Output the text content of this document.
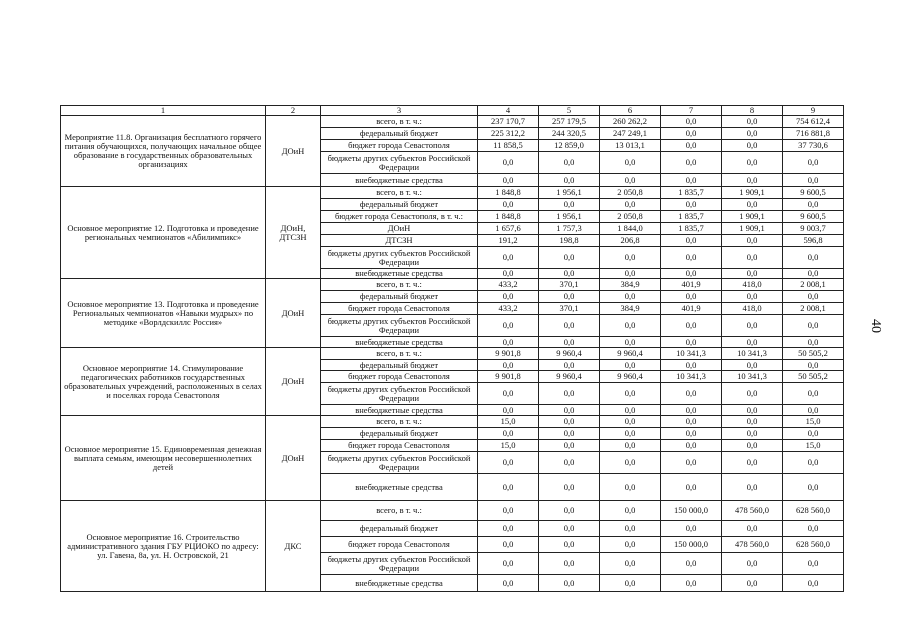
1	2	3	4	5	6	7	8	9
Мероприятие 11.8. Организация бесплатного горячего питания обучающихся, получающих начальное общее образование в государственных образовательных организациях	ДОиН	всего, в т. ч.:	237 170,7	257 179,5	260 262,2	0,0	0,0	754 612,4
		федеральный бюджет	225 312,2	244 320,5	247 249,1	0,0	0,0	716 881,8
		бюджет города Севастополя	11 858,5	12 859,0	13 013,1	0,0	0,0	37 730,6
		бюджеты других субъектов Российской Федерации	0,0	0,0	0,0	0,0	0,0	0,0
		внебюджетные средства	0,0	0,0	0,0	0,0	0,0	0,0
Основное мероприятие 12. Подготовка и проведение региональных чемпионатов «Абилимпикс»	ДОиН, ДТСЗН	всего, в т. ч.:	1 848,8	1 956,1	2 050,8	1 835,7	1 909,1	9 600,5
		федеральный бюджет	0,0	0,0	0,0	0,0	0,0	0,0
		бюджет города Севастополя, в т. ч.:	1 848,8	1 956,1	2 050,8	1 835,7	1 909,1	9 600,5
		ДОиН	1 657,6	1 757,3	1 844,0	1 835,7	1 909,1	9 003,7
		ДТСЗН	191,2	198,8	206,8	0,0	0,0	596,8
		бюджеты других субъектов Российской Федерации	0,0	0,0	0,0	0,0	0,0	0,0
		внебюджетные средства	0,0	0,0	0,0	0,0	0,0	0,0
Основное мероприятие 13. Подготовка и проведение Региональных чемпионатов «Навыки мудрых» по методике «Ворлдскиллс Россия»	ДОиН	всего, в т. ч.:	433,2	370,1	384,9	401,9	418,0	2 008,1
		федеральный бюджет	0,0	0,0	0,0	0,0	0,0	0,0
		бюджет города Севастополя	433,2	370,1	384,9	401,9	418,0	2 008,1
		бюджеты других субъектов Российской Федерации	0,0	0,0	0,0	0,0	0,0	0,0
		внебюджетные средства	0,0	0,0	0,0	0,0	0,0	0,0
Основное мероприятие 14. Стимулирование педагогических работников государственных образовательных учреждений, расположенных в селах и поселках города Севастополя	ДОиН	всего, в т. ч.:	9 901,8	9 960,4	9 960,4	10 341,3	10 341,3	50 505,2
		федеральный бюджет	0,0	0,0	0,0	0,0	0,0	0,0
		бюджет города Севастополя	9 901,8	9 960,4	9 960,4	10 341,3	10 341,3	50 505,2
		бюджеты других субъектов Российской Федерации	0,0	0,0	0,0	0,0	0,0	0,0
		внебюджетные средства	0,0	0,0	0,0	0,0	0,0	0,0
Основное мероприятие 15. Единовременная денежная выплата семьям, имеющим несовершеннолетних детей	ДОиН	всего, в т. ч.:	15,0	0,0	0,0	0,0	0,0	15,0
		федеральный бюджет	0,0	0,0	0,0	0,0	0,0	0,0
		бюджет города Севастополя	15,0	0,0	0,0	0,0	0,0	15,0
		бюджеты других субъектов Российской Федерации	0,0	0,0	0,0	0,0	0,0	0,0
		внебюджетные средства	0,0	0,0	0,0	0,0	0,0	0,0
Основное мероприятие 16. Строительство административного здания ГБУ РЦИОКО по адресу: ул. Гавена, 8а, ул. Н. Островской, 21	ДКС	всего, в т. ч.:	0,0	0,0	0,0	150 000,0	478 560,0	628 560,0
		федеральный бюджет	0,0	0,0	0,0	0,0	0,0	0,0
		бюджет города Севастополя	0,0	0,0	0,0	150 000,0	478 560,0	628 560,0
		бюджеты других субъектов Российской Федерации	0,0	0,0	0,0	0,0	0,0	0,0
		внебюджетные средства	0,0	0,0	0,0	0,0	0,0	0,0
40
